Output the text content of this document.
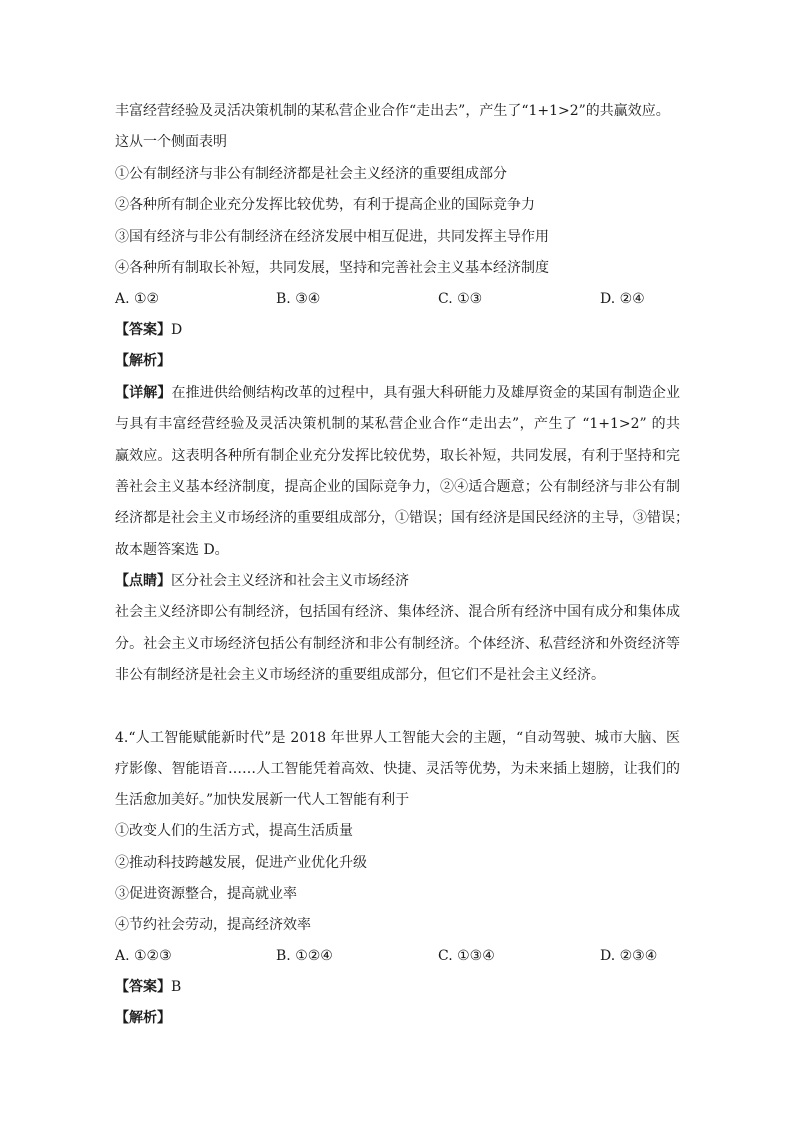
丰富经营经验及灵活决策机制的某私营企业合作“走出去”，产生了“1+1>2”的共赢效应。
这从一个侧面表明
①公有制经济与非公有制经济都是社会主义经济的重要组成部分
②各种所有制企业充分发挥比较优势，有利于提高企业的国际竞争力
③国有经济与非公有制经济在经济发展中相互促进，共同发挥主导作用
④各种所有制取长补短，共同发展，坚持和完善社会主义基本经济制度
A. ①②	B. ③④	C. ①③	D. ②④
【答案】D
【解析】
【详解】在推进供给侧结构改革的过程中，具有强大科研能力及雄厚资金的某国有制造企业
与具有丰富经营经验及灵活决策机制的某私营企业合作“走出去”，产生了 “1+1>2” 的共
赢效应。这表明各种所有制企业充分发挥比较优势，取长补短，共同发展，有利于坚持和完
善社会主义基本经济制度，提高企业的国际竞争力，②④适合题意；公有制经济与非公有制
经济都是社会主义市场经济的重要组成部分，①错误；国有经济是国民经济的主导，③错误；
故本题答案选 D。
【点睛】区分社会主义经济和社会主义市场经济
社会主义经济即公有制经济，包括国有经济、集体经济、混合所有经济中国有成分和集体成
分。社会主义市场经济包括公有制经济和非公有制经济。个体经济、私营经济和外资经济等
非公有制经济是社会主义市场经济的重要组成部分，但它们不是社会主义经济。
4.“人工智能赋能新时代”是 2018 年世界人工智能大会的主题，“自动驾驶、城市大脑、医
疗影像、智能语音……人工智能凭着高效、快捷、灵活等优势，为未来插上翅膀，让我们的
生活愈加美好。”加快发展新一代人工智能有利于
①改变人们的生活方式，提高生活质量
②推动科技跨越发展，促进产业优化升级
③促进资源整合，提高就业率
④节约社会劳动，提高经济效率
A. ①②③	B. ①②④	C. ①③④	D. ②③④
【答案】B
【解析】
